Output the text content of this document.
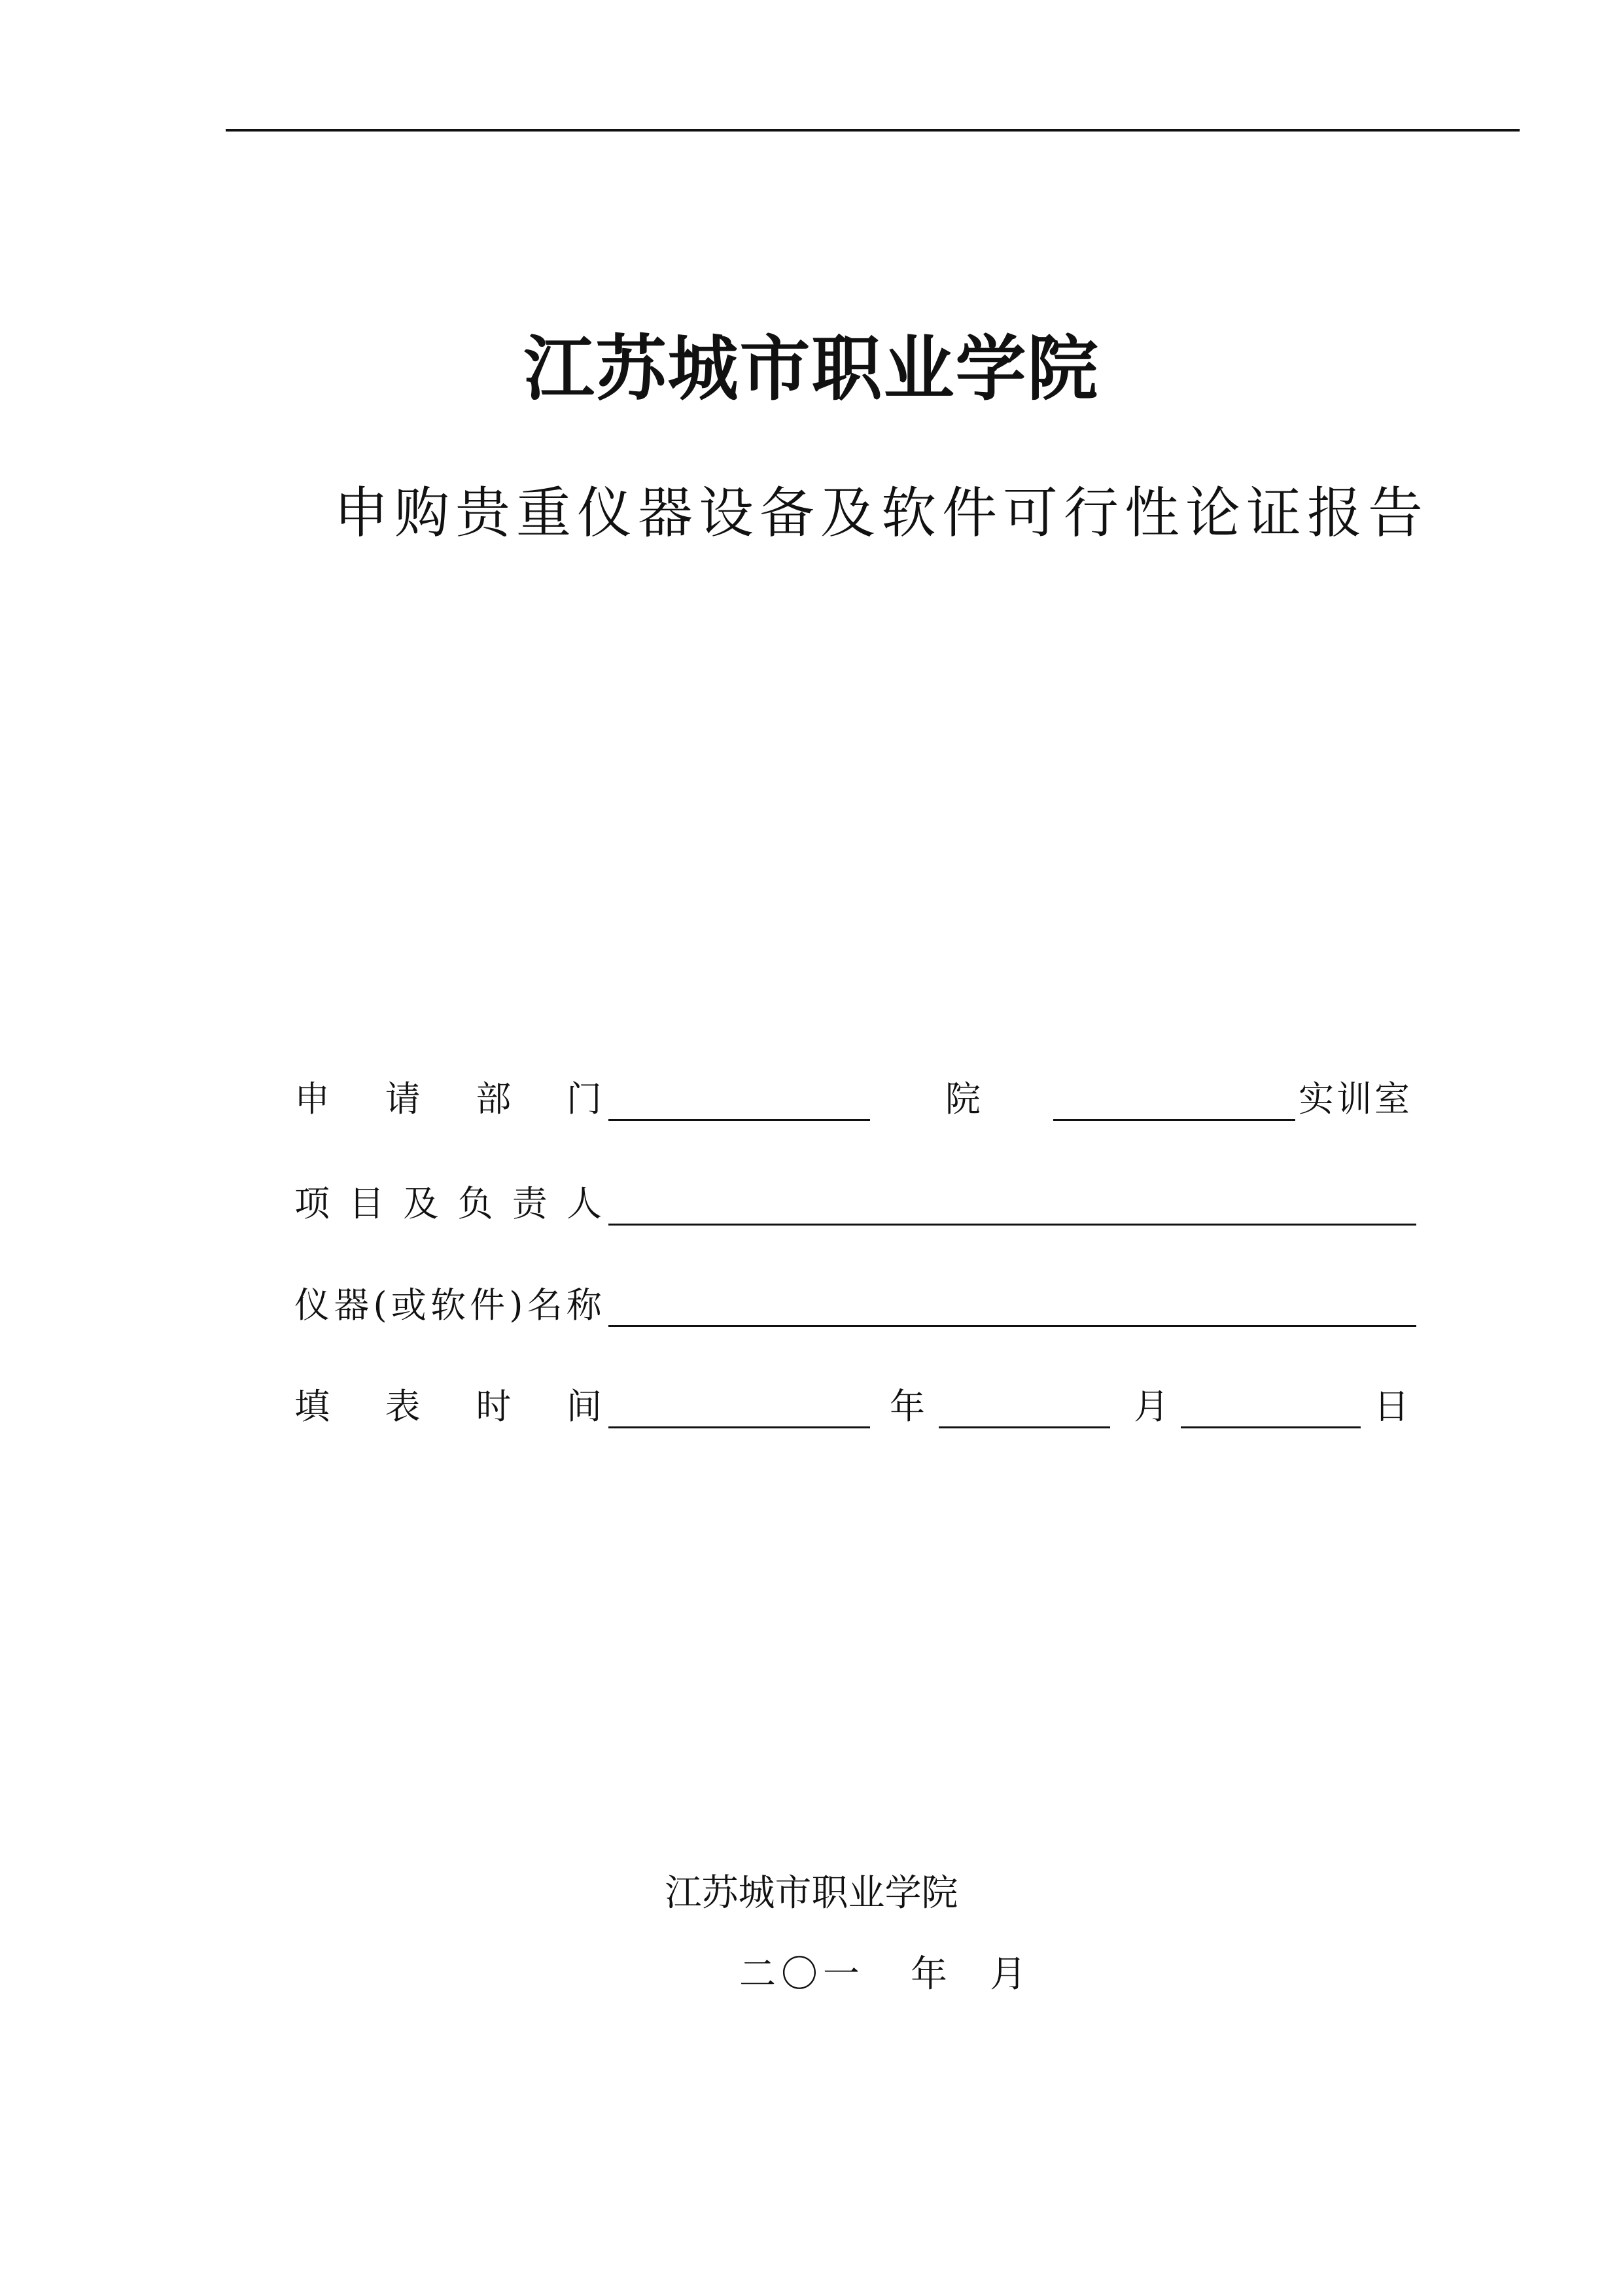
江苏城市职业学院
申购贵重仪器设备及软件可行性论证报告
申 请 部 门	院	实训室
项 目 及 负 责 人
仪 器 ( 或 软 件 ) 名 称
填 表 时 间	年	月	日
江苏城市职业学院
二〇一 年 月
